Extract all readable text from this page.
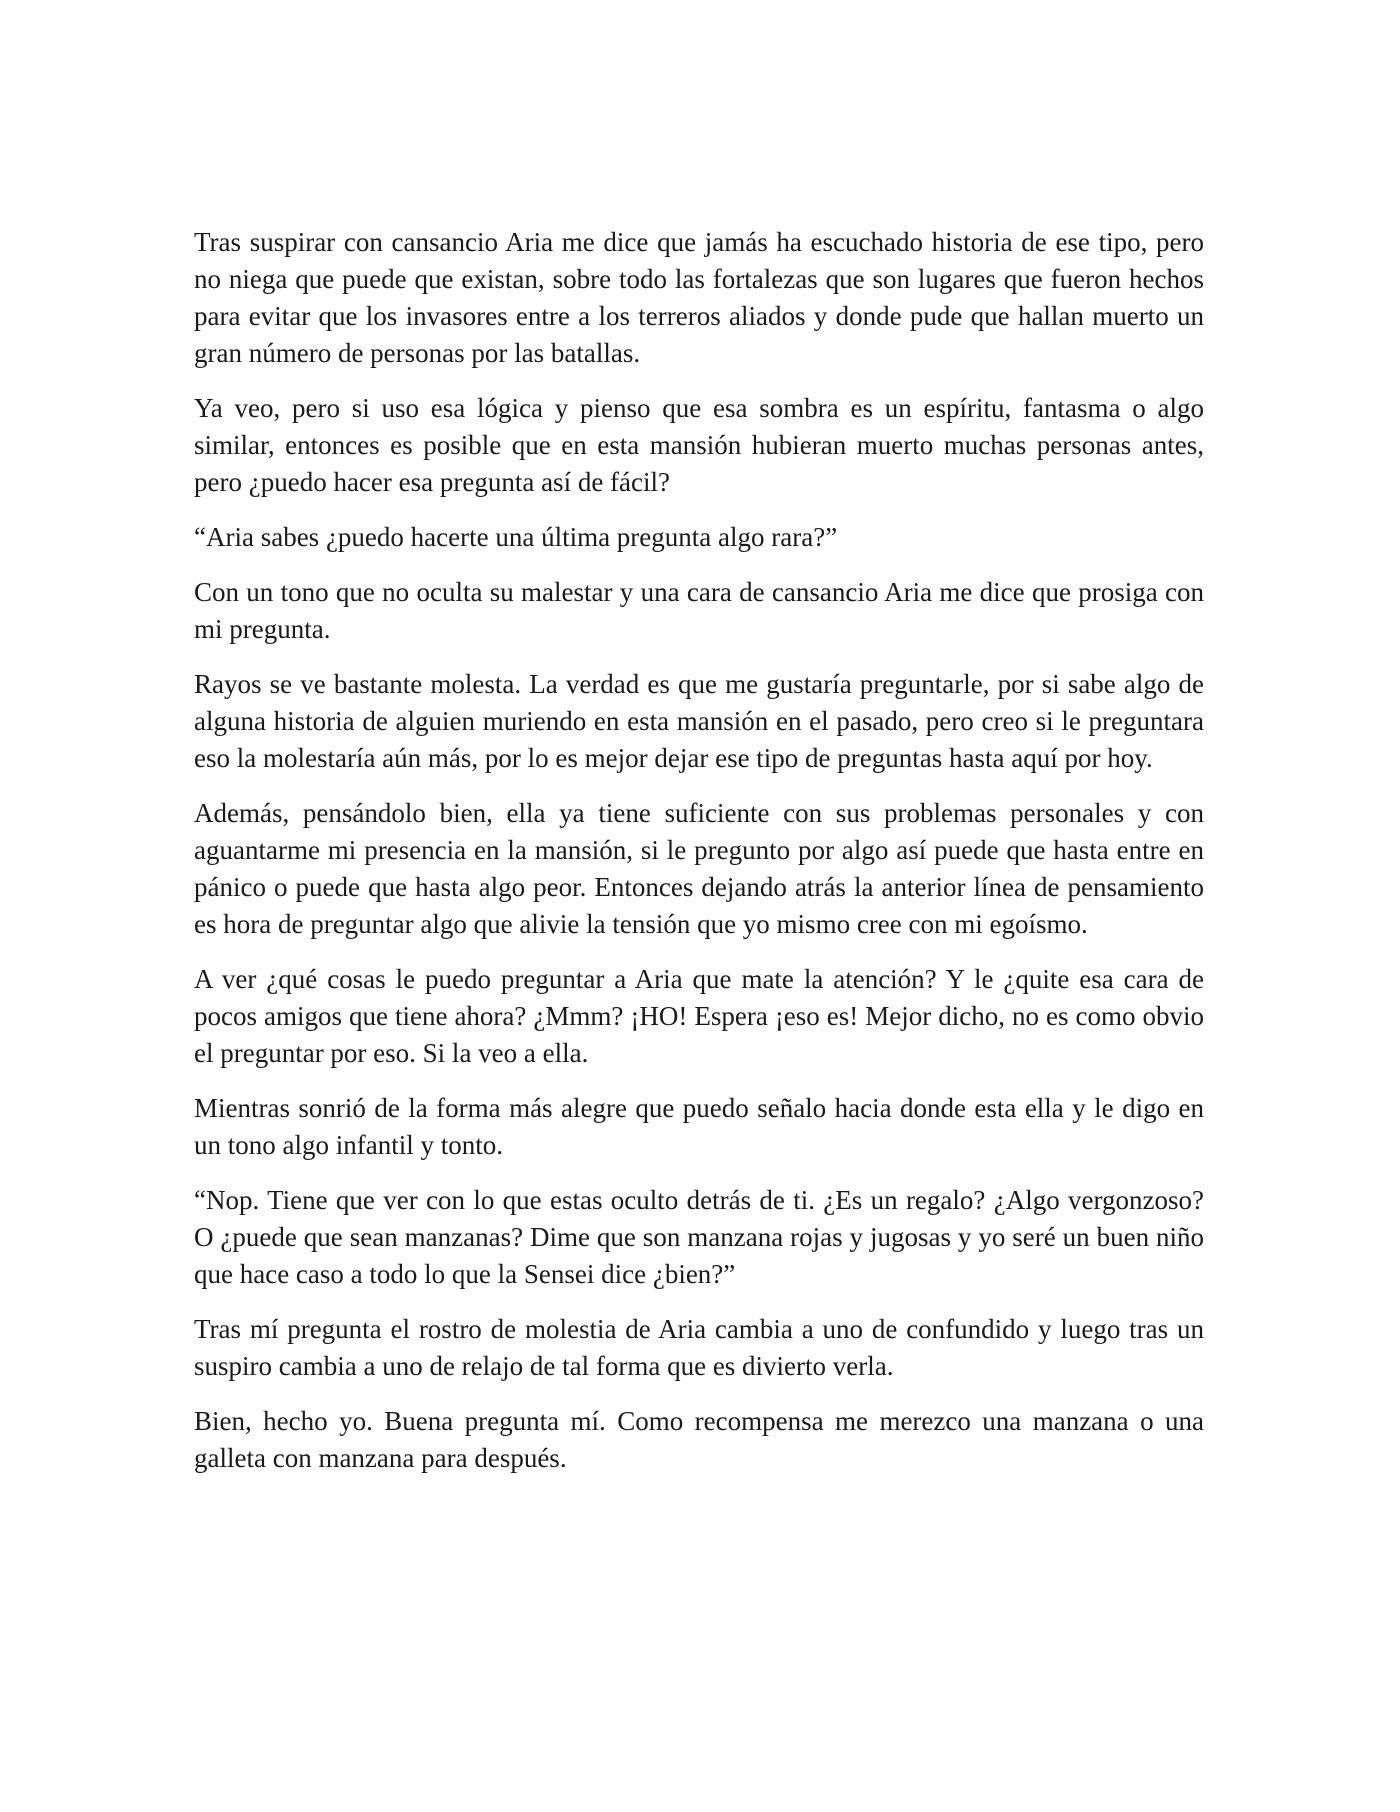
Tras suspirar con cansancio Aria me dice que jamás ha escuchado historia de ese tipo, pero no niega que puede que existan, sobre todo las fortalezas que son lugares que fueron hechos para evitar que los invasores entre a los terreros aliados y donde pude que hallan muerto un gran número de personas por las batallas.

Ya veo, pero si uso esa lógica y pienso que esa sombra es un espíritu, fantasma o algo similar, entonces es posible que en esta mansión hubieran muerto muchas personas antes, pero ¿puedo hacer esa pregunta así de fácil?

“Aria sabes ¿puedo hacerte una última pregunta algo rara?”

Con un tono que no oculta su malestar y una cara de cansancio Aria me dice que prosiga con mi pregunta.

Rayos se ve bastante molesta. La verdad es que me gustaría preguntarle, por si sabe algo de alguna historia de alguien muriendo en esta mansión en el pasado, pero creo si le preguntara eso la molestaría aún más, por lo es mejor dejar ese tipo de preguntas hasta aquí por hoy.

Además, pensándolo bien, ella ya tiene suficiente con sus problemas personales y con aguantarme mi presencia en la mansión, si le pregunto por algo así puede que hasta entre en pánico o puede que hasta algo peor. Entonces dejando atrás la anterior línea de pensamiento es hora de preguntar algo que alivie la tensión que yo mismo cree con mi egoísmo.

A ver ¿qué cosas le puedo preguntar a Aria que mate la atención? Y le ¿quite esa cara de pocos amigos que tiene ahora? ¿Mmm? ¡HO! Espera ¡eso es! Mejor dicho, no es como obvio el preguntar por eso. Si la veo a ella.

Mientras sonrió de la forma más alegre que puedo señalo hacia donde esta ella y le digo en un tono algo infantil y tonto.

“Nop. Tiene que ver con lo que estas oculto detrás de ti. ¿Es un regalo? ¿Algo vergonzoso? O ¿puede que sean manzanas? Dime que son manzana rojas y jugosas y yo seré un buen niño que hace caso a todo lo que la Sensei dice ¿bien?”

Tras mí pregunta el rostro de molestia de Aria cambia a uno de confundido y luego tras un suspiro cambia a uno de relajo de tal forma que es divierto verla.

Bien, hecho yo. Buena pregunta mí. Como recompensa me merezco una manzana o una galleta con manzana para después.
